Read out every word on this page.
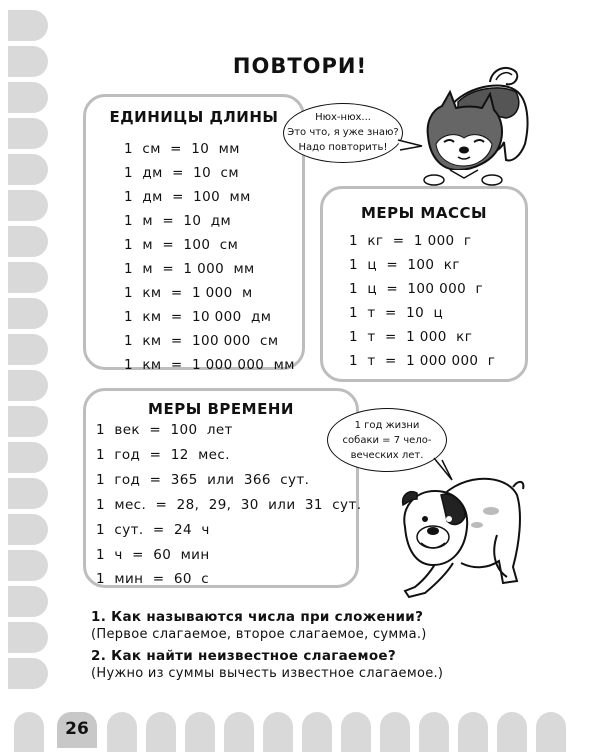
ПОВТОРИ!
ЕДИНИЦЫ ДЛИНЫ
1  см  =  10  мм
1  дм  =  10  см
1  дм  =  100  мм
1  м  =  10  дм
1  м  =  100  см
1  м  =  1 000  мм
1  км  =  1 000  м
1  км  =  10 000  дм
1  км  =  100 000  см
1  км  =  1 000 000  мм
МЕРЫ МАССЫ
1  кг  =  1 000  г
1  ц  =  100  кг
1  ц  =  100 000  г
1  т  =  10  ц
1  т  =  1 000  кг
1  т  =  1 000 000  г
МЕРЫ ВРЕМЕНИ
1  век  =  100  лет
1  год  =  12  мес.
1  год  =  365  или  366  сут.
1  мес.  =  28,  29,  30  или  31  сут.
1  сут.  =  24  ч
1  ч  =  60  мин
1  мин  =  60  с
Нюх-нюх...
Это что, я уже знаю?
Надо повторить!
1 год жизни
собаки = 7 чело-
веческих лет.
1. Как называются числа при сложении?
(Первое слагаемое, второе слагаемое, сумма.)
2. Как найти неизвестное слагаемое?
(Нужно из суммы вычесть известное слагаемое.)
26
